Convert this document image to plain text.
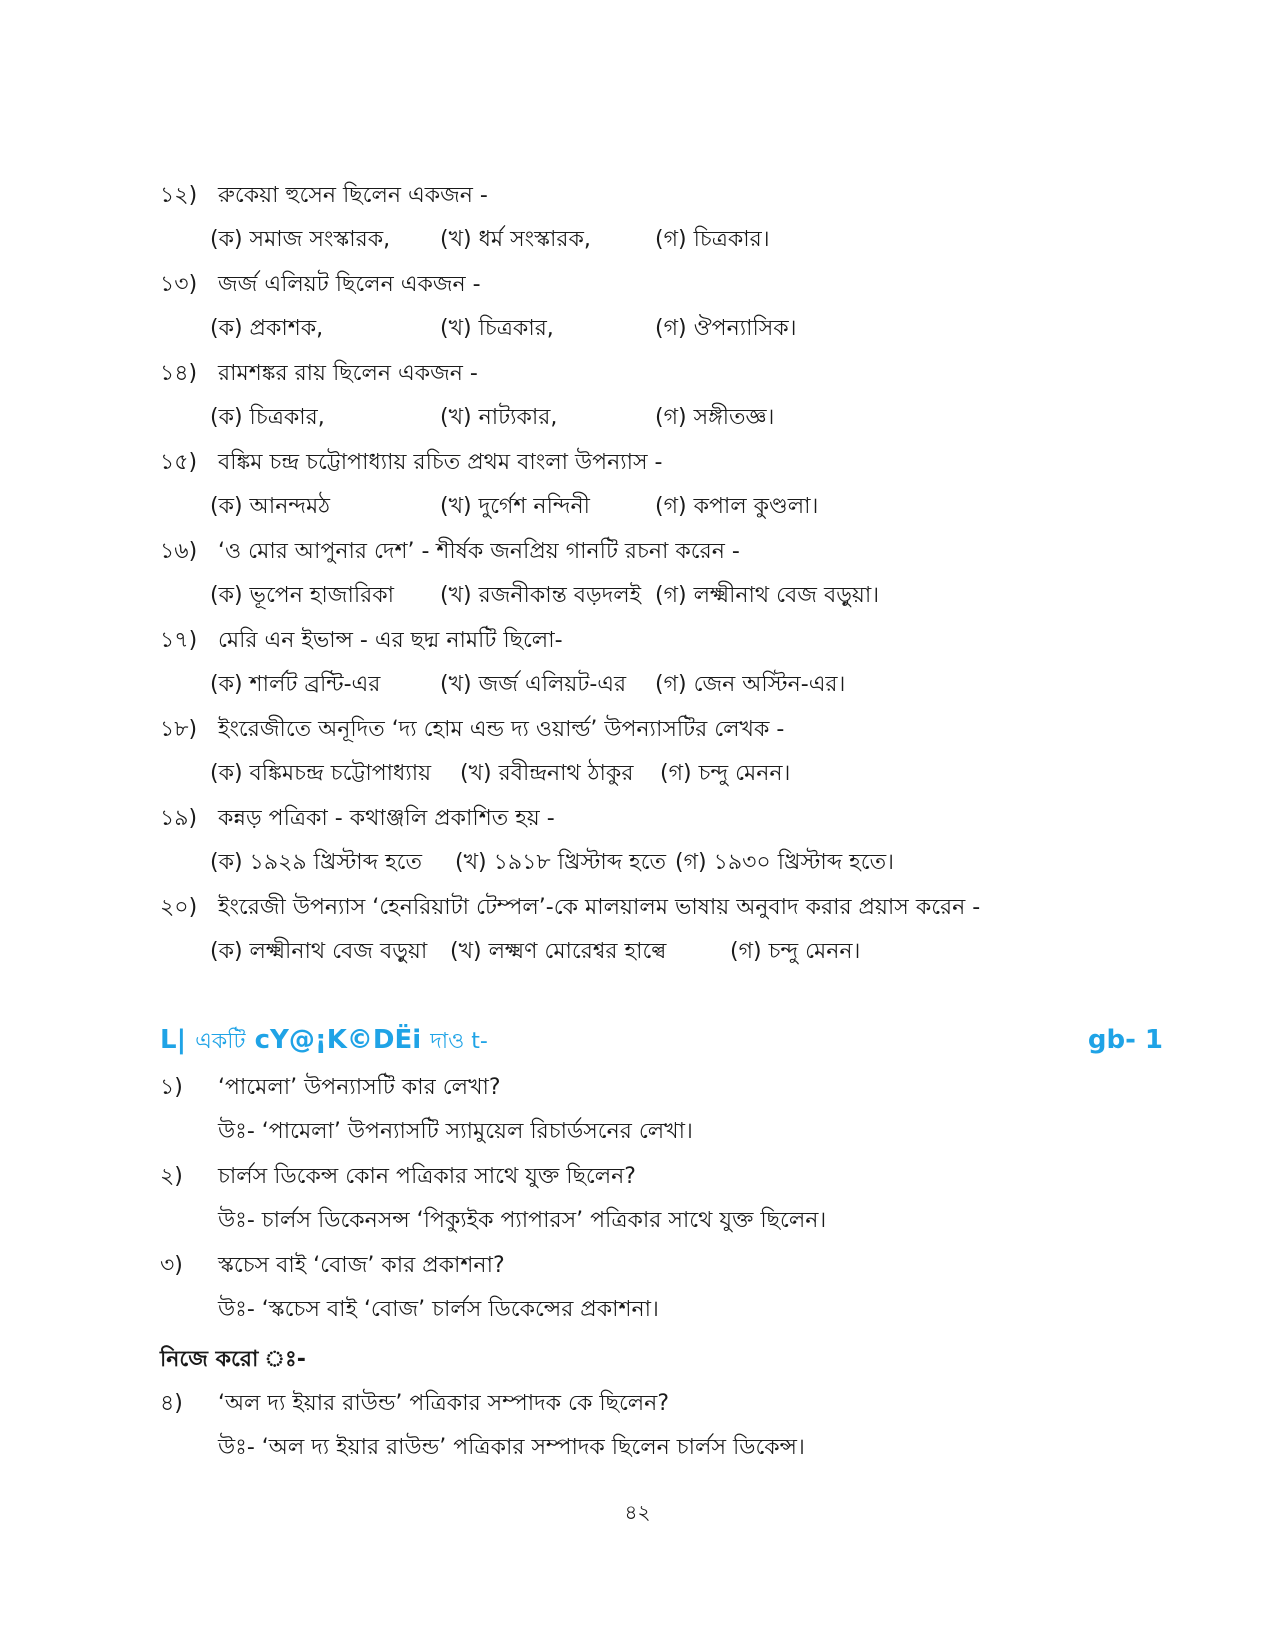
১২) রুকেয়া হুসেন ছিলেন একজন -
(ক) সমাজ সংস্কারক, (খ) ধর্ম সংস্কারক,	(গ) চিত্রকার।
১৩) জর্জ এলিয়ট ছিলেন একজন -
(ক) প্রকাশক,	(খ) চিত্রকার,	(গ) ঔপন্যাসিক।
১৪) রামশঙ্কর রায় ছিলেন একজন -
(ক) চিত্রকার,	(খ) নাট্যকার,	(গ) সঙ্গীতজ্ঞ।
১৫) বঙ্কিম চন্দ্র চট্টোপাধ্যায় রচিত প্রথম বাংলা উপন্যাস -
(ক) আনন্দমঠ	(খ) দুর্গেশ নন্দিনী	(গ) কপাল কুণ্ডলা।
১৬) ‘ও মোর আপুনার দেশ’ - শীর্ষক জনপ্রিয় গানটি রচনা করেন -
(ক) ভূপেন হাজারিকা (খ) রজনীকান্ত বড়দলই (গ) লক্ষ্মীনাথ বেজ বড়ুয়া।
১৭) মেরি এন ইভান্স - এর ছদ্ম নামটি ছিলো-
(ক) শার্লট ব্রন্টি-এর	(খ) জর্জ এলিয়ট-এর (গ) জেন অস্টিন-এর।
১৮) ইংরেজীতে অনূদিত ‘দ্য হোম এন্ড দ্য ওয়ার্ল্ড’ উপন্যাসটির লেখক -
(ক) বঙ্কিমচন্দ্র চট্টোপাধ্যায় (খ) রবীন্দ্রনাথ ঠাকুর (গ) চন্দু মেনন।
১৯) কন্নড় পত্রিকা - কথাঞ্জলি প্রকাশিত হয় -
(ক) ১৯২৯ খ্রিস্টাব্দ হতে (খ) ১৯১৮ খ্রিস্টাব্দ হতে (গ) ১৯৩০ খ্রিস্টাব্দ হতে।
২০) ইংরেজী উপন্যাস ‘হেনরিয়াটা টেম্পল’-কে মালয়ালম ভাষায় অনুবাদ করার প্রয়াস করেন -
(ক) লক্ষ্মীনাথ বেজ বড়ুয়া (খ) লক্ষ্মণ মোরেশ্বর হাল্বে	(গ) চন্দু মেনন।
L| একটি cY@¡K©DËi দাও t-	gb- 1
১)	‘পামেলা’ উপন্যাসটি কার লেখা?
উঃ- ‘পামেলা’ উপন্যাসটি স্যামুয়েল রিচার্ডসনের লেখা।
২)	চার্লস ডিকেন্স কোন পত্রিকার সাথে যুক্ত ছিলেন?
উঃ- চার্লস ডিকেনসন্স ‘পিক্যুইক প্যাপারস’ পত্রিকার সাথে যুক্ত ছিলেন।
৩)	স্কচেস বাই ‘বোজ’ কার প্রকাশনা?
উঃ- ‘স্কচেস বাই ‘বোজ’ চার্লস ডিকেন্সের প্রকাশনা।
নিজে করো ঃ-
৪)	‘অল দ্য ইয়ার রাউন্ড’ পত্রিকার সম্পাদক কে ছিলেন?
উঃ- ‘অল দ্য ইয়ার রাউন্ড’ পত্রিকার সম্পাদক ছিলেন চার্লস ডিকেন্স।
৪২
